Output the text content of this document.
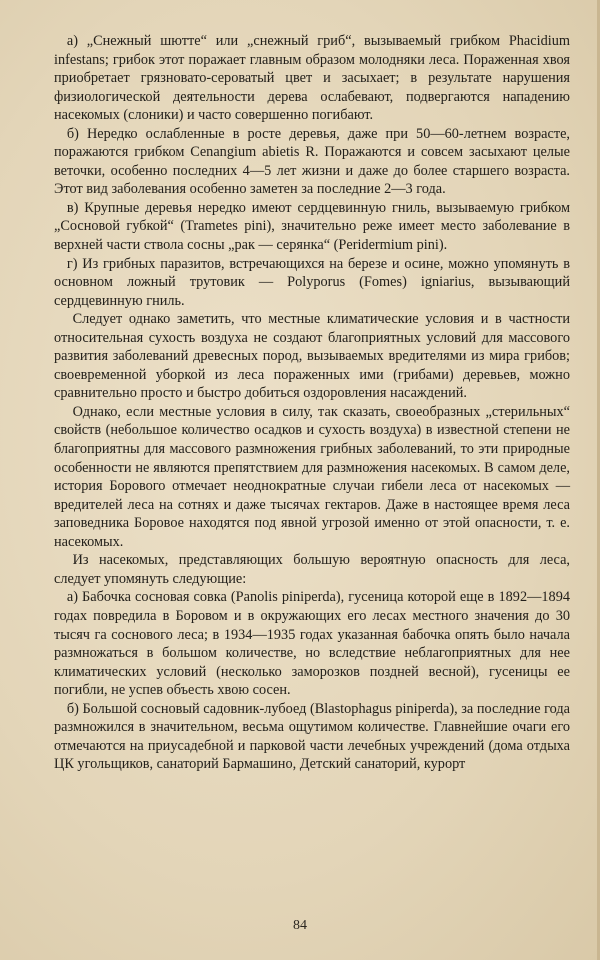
а) „Снежный шютте“ или „снежный гриб“, вызываемый грибком Phacidium infestans; грибок этот поражает главным образом молодняки леса. Пораженная хвоя приобретает грязновато-сероватый цвет и засыхает; в результате нарушения физиологической деятельности дерева ослабевают, подвергаются нападению насекомых (слоники) и часто совершенно погибают.

б) Нередко ослабленные в росте деревья, даже при 50—60-летнем возрасте, поражаются грибком Cenangium abietis R. Поражаются и совсем засыхают целые веточки, особенно последних 4—5 лет жизни и даже до более старшего возраста. Этот вид заболевания особенно заметен за последние 2—3 года.

в) Крупные деревья нередко имеют сердцевинную гниль, вызываемую грибком „Сосновой губкой“ (Trametes pini), значительно реже имеет место заболевание в верхней части ствола сосны „рак — серянка“ (Peridermium pini).

г) Из грибных паразитов, встречающихся на березе и осине, можно упомянуть в основном ложный трутовик — Polyporus (Fomes) igniarius, вызывающий сердцевинную гниль.

Следует однако заметить, что местные климатические условия и в частности относительная сухость воздуха не создают благоприятных условий для массового развития заболеваний древесных пород, вызываемых вредителями из мира грибов; своевременной уборкой из леса пораженных ими (грибами) деревьев, можно сравнительно просто и быстро добиться оздоровления насаждений.

Однако, если местные условия в силу, так сказать, своеобразных „стерильных“ свойств (небольшое количество осадков и сухость воздуха) в известной степени не благоприятны для массового размножения грибных заболеваний, то эти природные особенности не являются препятствием для размножения насекомых. В самом деле, история Борового отмечает неоднократные случаи гибели леса от насекомых — вредителей леса на сотнях и даже тысячах гектаров. Даже в настоящее время леса заповедника Боровое находятся под явной угрозой именно от этой опасности, т. е. насекомых.

Из насекомых, представляющих большую вероятную опасность для леса, следует упомянуть следующие:

а) Бабочка сосновая совка (Panolis piniperda), гусеница которой еще в 1892—1894 годах повредила в Боровом и в окружающих его лесах местного значения до 30 тысяч га соснового леса; в 1934—1935 годах указанная бабочка опять было начала размножаться в большом количестве, но вследствие неблагоприятных для нее климатических условий (несколько заморозков поздней весной), гусеницы ее погибли, не успев объесть хвою сосен.

б) Большой сосновый садовник-лубоед (Blastophagus piniperda), за последние года размножился в значительном, весьма ощутимом количестве. Главнейшие очаги его отмечаются на приусадебной и парковой части лечебных учреждений (дома отдыха ЦК угольщиков, санаторий Бармашино, Детский санаторий, курорт

84
